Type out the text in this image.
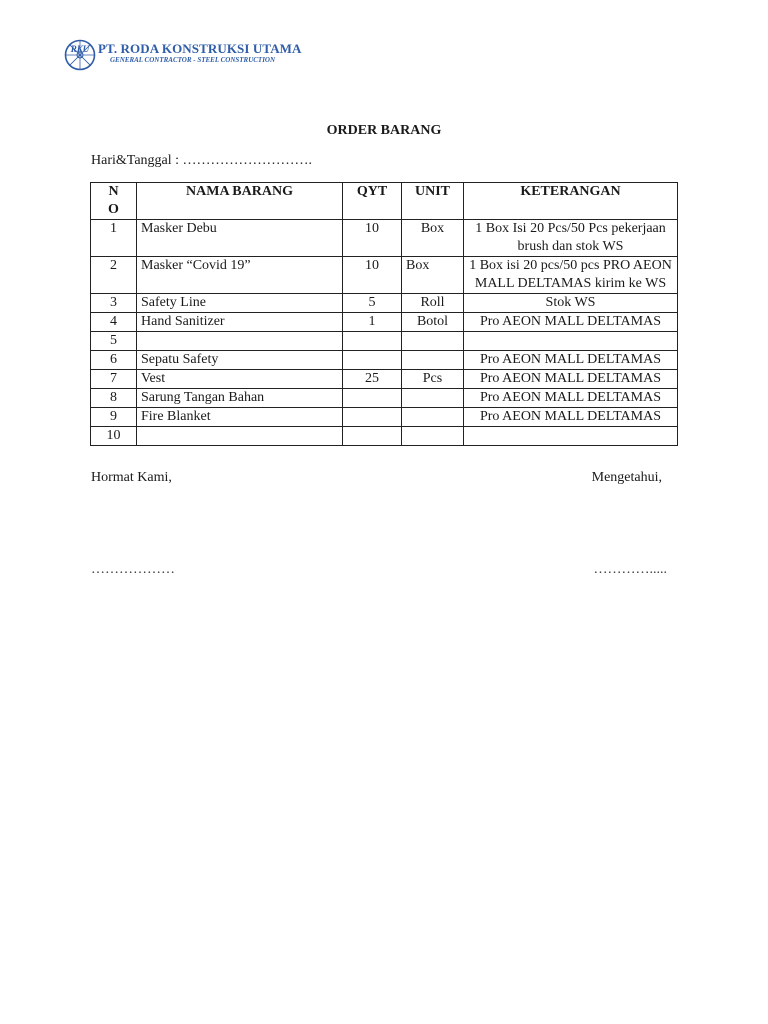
RKU PT. RODA KONSTRUKSI UTAMA
GENERAL CONTRACTOR - STEEL CONSTRUCTION
ORDER BARANG
Hari&Tanggal : ……………………….
N
O	NAMA BARANG	QYT	UNIT	KETERANGAN
1	Masker Debu	10	Box	1 Box Isi 20 Pcs/50 Pcs pekerjaan brush dan stok WS
2	Masker “Covid 19”	10	Box	1 Box isi 20 pcs/50 pcs PRO AEON MALL DELTAMAS kirim ke WS
3	Safety Line	5	Roll	Stok WS
4	Hand Sanitizer	1	Botol	Pro AEON MALL DELTAMAS
5				
6	Sepatu Safety			Pro AEON MALL DELTAMAS
7	Vest	25	Pcs	Pro AEON MALL DELTAMAS
8	Sarung Tangan Bahan			Pro AEON MALL DELTAMAS
9	Fire Blanket			Pro AEON MALL DELTAMAS
10				
Hormat Kami,	Mengetahui,
………………	………….....
